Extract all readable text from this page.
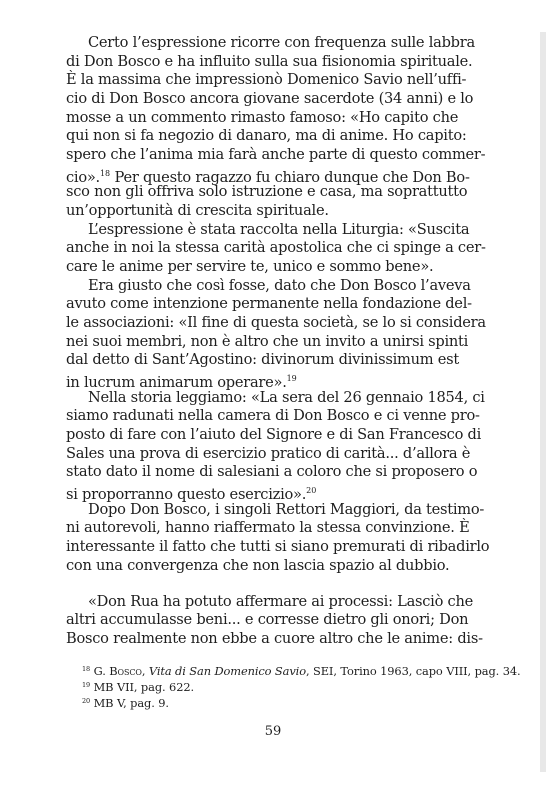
Certo l’espressione ricorre con frequenza sulle labbra
di Don Bosco e ha influito sulla sua fisionomia spirituale.
È la massima che impressionò Domenico Savio nell’uffi-
cio di Don Bosco ancora giovane sacerdote (34 anni) e lo
mosse a un commento rimasto famoso: «Ho capito che
qui non si fa negozio di danaro, ma di anime. Ho capito:
spero che l’anima mia farà anche parte di questo commer-
cio».$^{18}$ Per questo ragazzo fu chiaro dunque che Don Bo-
sco non gli offriva solo istruzione e casa, ma soprattutto
un’opportunità di crescita spirituale.
L’espressione è stata raccolta nella Liturgia: «Suscita
anche in noi la stessa carità apostolica che ci spinge a cer-
care le anime per servire te, unico e sommo bene».
Era giusto che così fosse, dato che Don Bosco l’aveva
avuto come intenzione permanente nella fondazione del-
le associazioni: «Il fine di questa società, se lo si considera
nei suoi membri, non è altro che un invito a unirsi spinti
dal detto di Sant’Agostino: divinorum divinissimum est
in lucrum animarum operare».$^{19}$
Nella storia leggiamo: «La sera del 26 gennaio 1854, ci
siamo radunati nella camera di Don Bosco e ci venne pro-
posto di fare con l’aiuto del Signore e di San Francesco di
Sales una prova di esercizio pratico di carità... d’allora è
stato dato il nome di salesiani a coloro che si proposero o
si proporranno questo esercizio».$^{20}$
Dopo Don Bosco, i singoli Rettori Maggiori, da testimo-
ni autorevoli, hanno riaffermato la stessa convinzione. È
interessante il fatto che tutti si siano premurati di ribadirlo
con una convergenza che non lascia spazio al dubbio.
«Don Rua ha potuto affermare ai processi: Lasciò che
altri accumulasse beni... e corresse dietro gli onori; Don
Bosco realmente non ebbe a cuore altro che le anime: dis-
$^{18}$ G. Bosco, Vita di San Domenico Savio, SEI, Torino 1963, capo VIII, pag. 34.
$^{19}$ MB VII, pag. 622.
$^{20}$ MB V, pag. 9.
59
